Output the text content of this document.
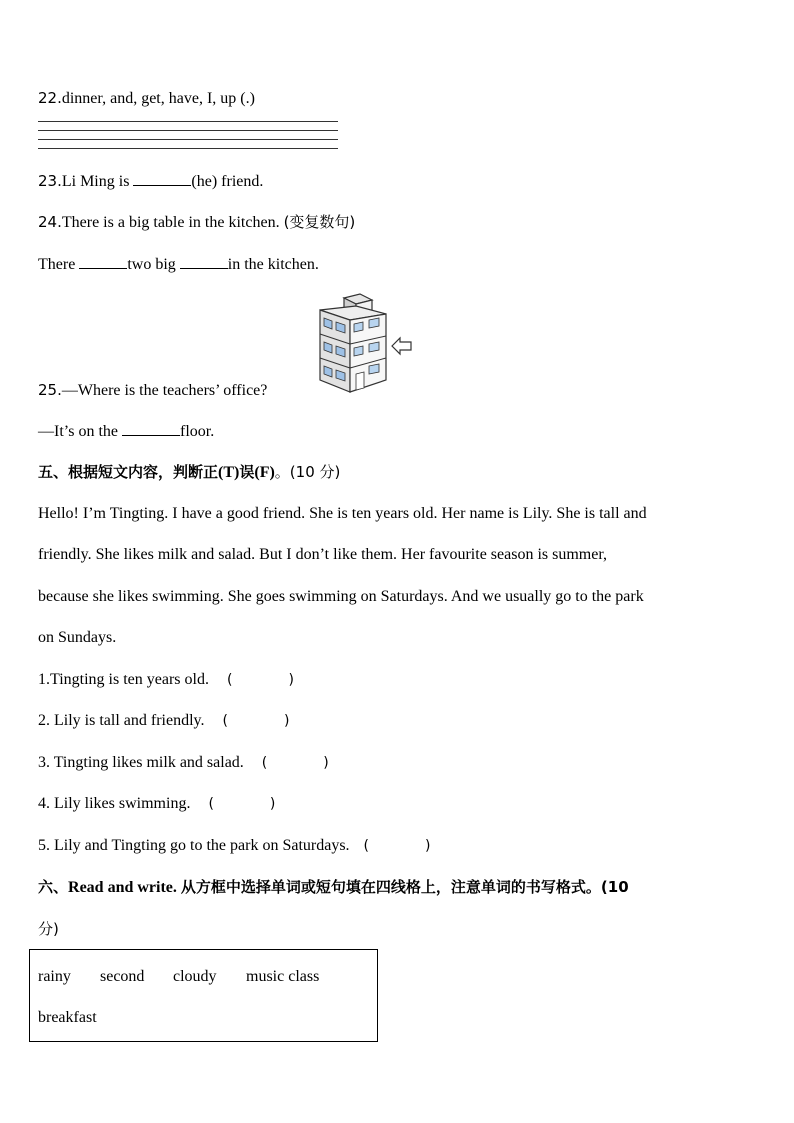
22.dinner, and, get, have, I, up (.)
23.Li Ming is	(he) friend.
24.There is a big table in the kitchen. (变复数句)
There	two big	in the kitchen.
25.—Where is the teachers’ office?
—It’s on the	floor.
五、根据短文内容，判断正(T)误(F)。(10 分)
Hello! I’m Tingting. I have a good friend. She is ten years old. Her name is Lily. She is tall and
friendly. She likes milk and salad. But I don’t like them. Her favourite season is summer,
because she likes swimming. She goes swimming on Saturdays. And we usually go to the park
on Sundays.
1.Tingting is ten years old. (	)
2. Lily is tall and friendly. (	)
3. Tingting likes milk and salad. (	)
4. Lily likes swimming. (	)
5. Lily and Tingting go to the park on Saturdays. (	)
六、Read and write. 从方框中选择单词或短句填在四线格上，注意单词的书写格式。(10
分)
rainy second cloudy music class
breakfast
